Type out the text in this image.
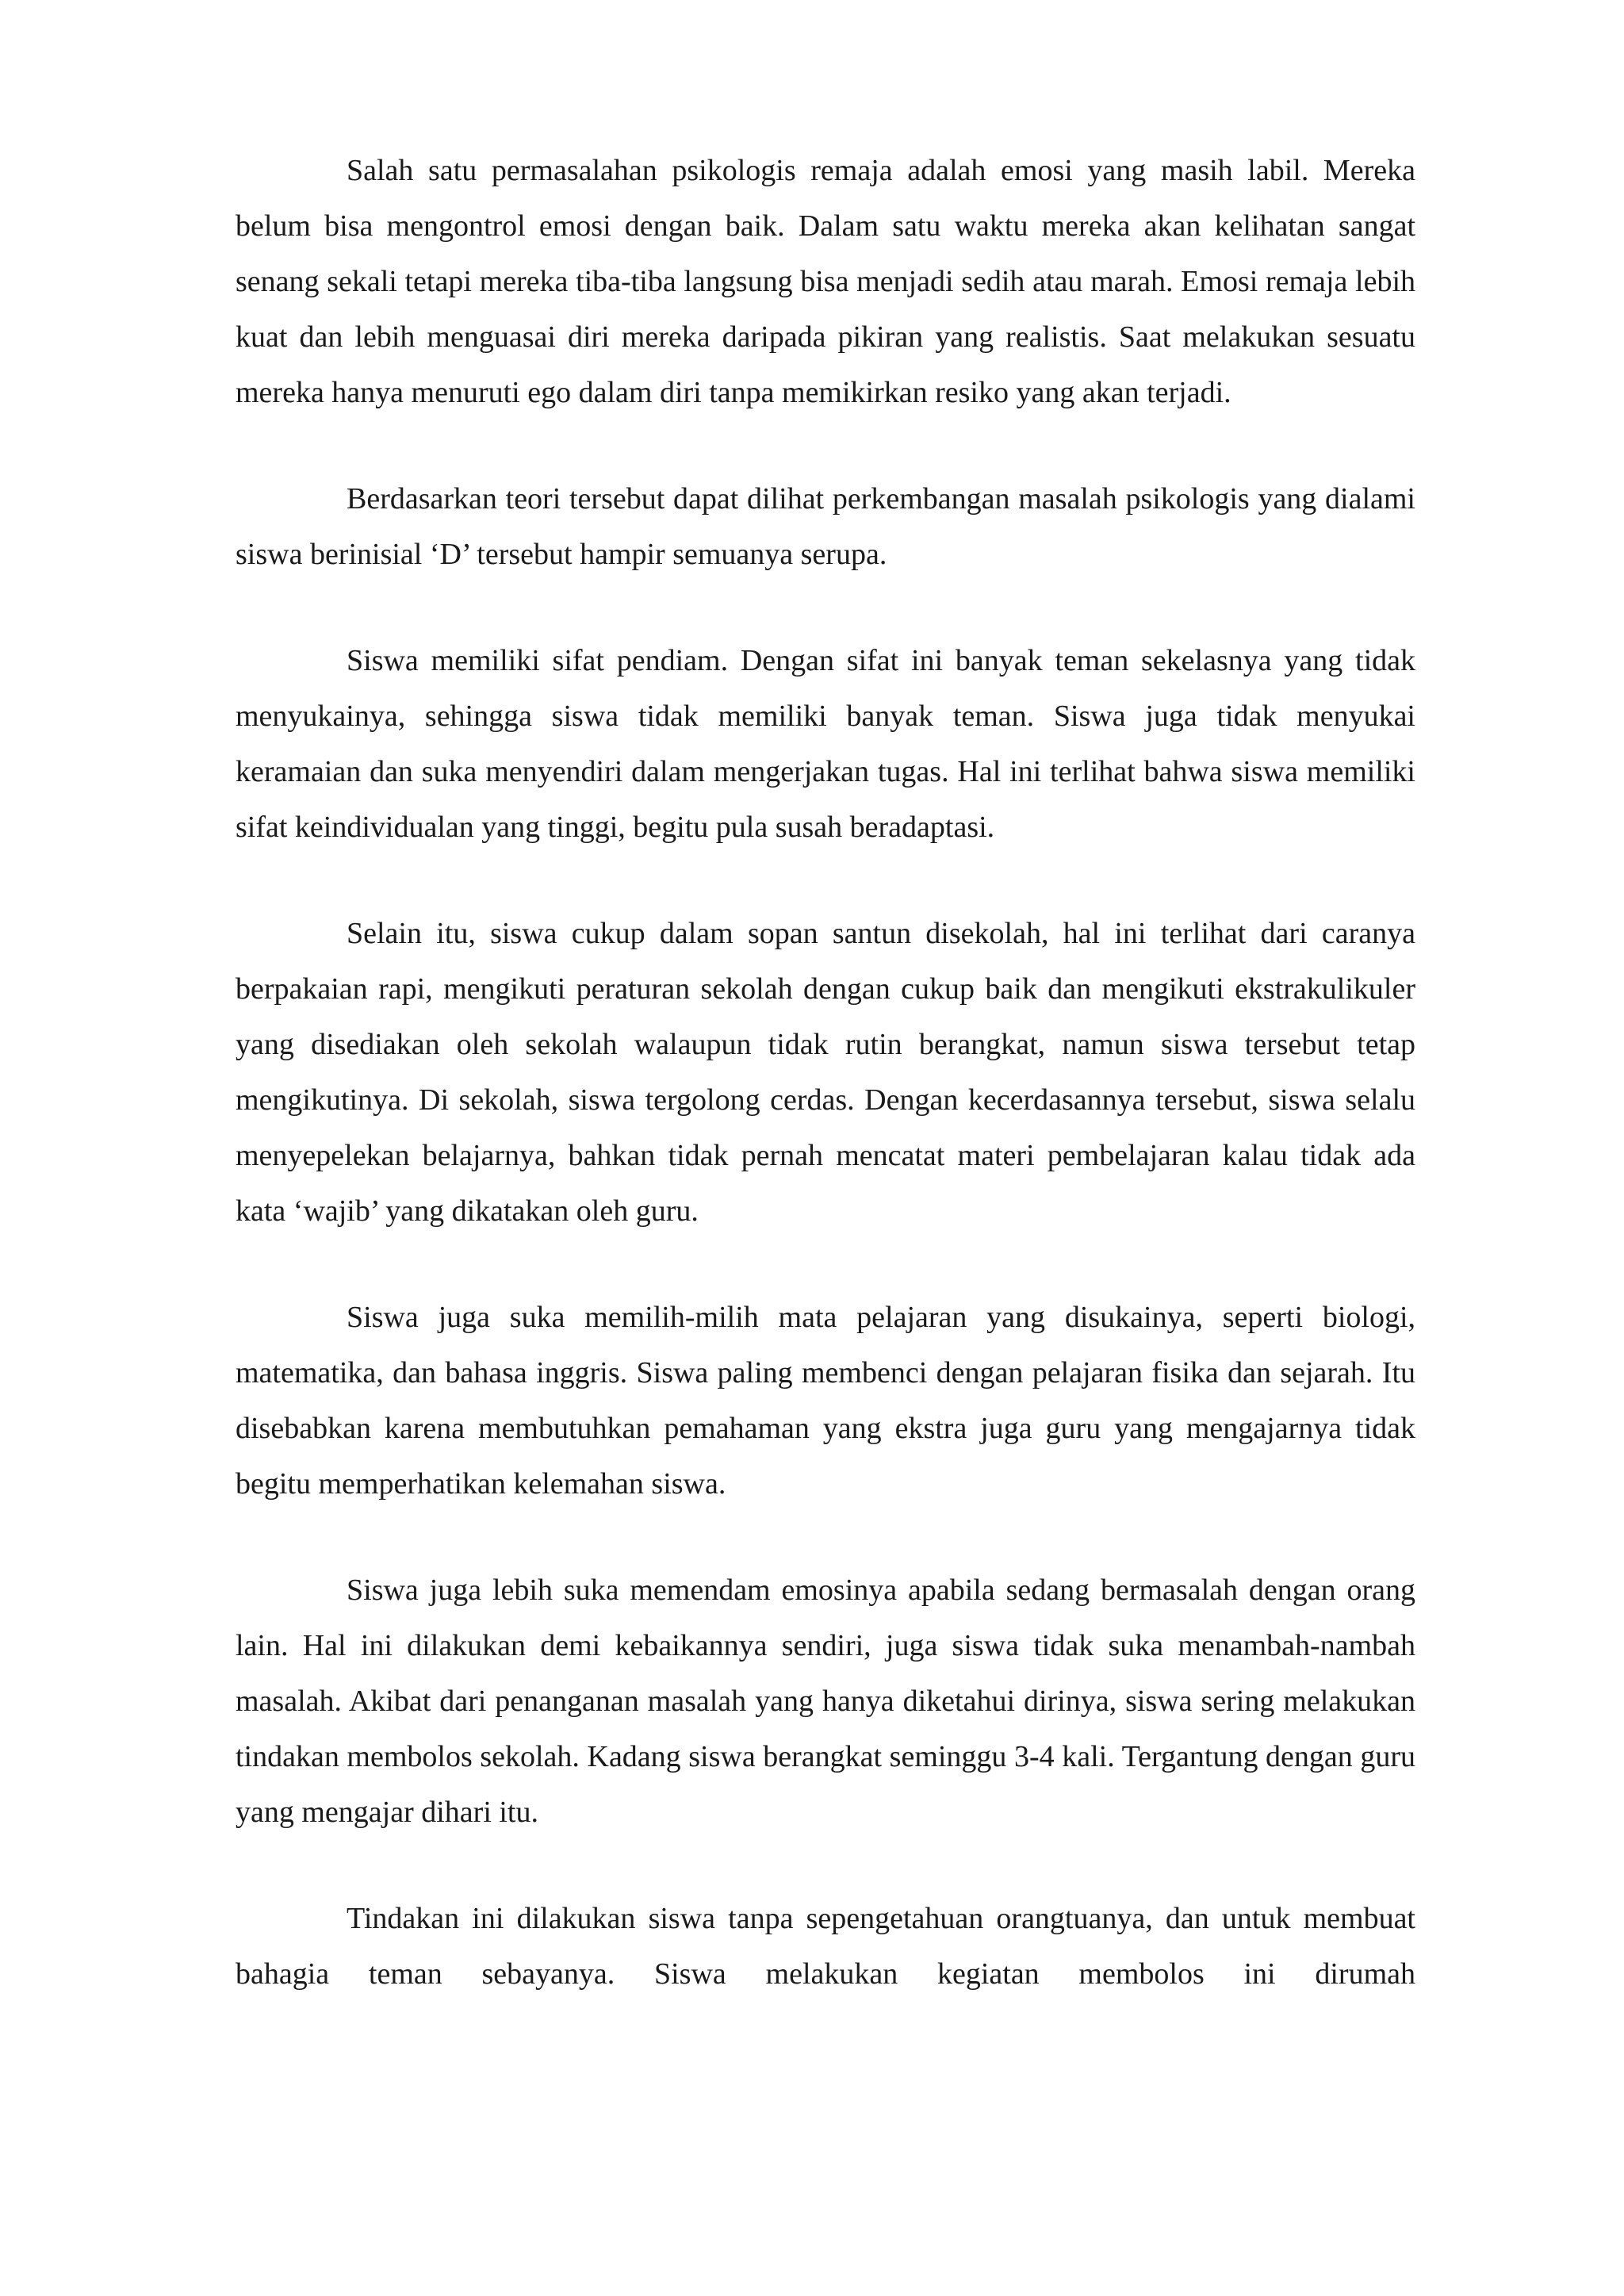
Salah satu permasalahan psikologis remaja adalah emosi yang masih labil. Mereka belum bisa mengontrol emosi dengan baik. Dalam satu waktu mereka akan kelihatan sangat senang sekali tetapi mereka tiba-tiba langsung bisa menjadi sedih atau marah. Emosi remaja lebih kuat dan lebih menguasai diri mereka daripada pikiran yang realistis. Saat melakukan sesuatu mereka hanya menuruti ego dalam diri tanpa memikirkan resiko yang akan terjadi.

Berdasarkan teori tersebut dapat dilihat perkembangan masalah psikologis yang dialami siswa berinisial ‘D’ tersebut hampir semuanya serupa.

Siswa memiliki sifat pendiam. Dengan sifat ini banyak teman sekelasnya yang tidak menyukainya, sehingga siswa tidak memiliki banyak teman. Siswa juga tidak menyukai keramaian dan suka menyendiri dalam mengerjakan tugas. Hal ini terlihat bahwa siswa memiliki sifat keindividualan yang tinggi, begitu pula susah beradaptasi.

Selain itu, siswa cukup dalam sopan santun disekolah, hal ini terlihat dari caranya berpakaian rapi, mengikuti peraturan sekolah dengan cukup baik dan mengikuti ekstrakulikuler yang disediakan oleh sekolah walaupun tidak rutin berangkat, namun siswa tersebut tetap mengikutinya. Di sekolah, siswa tergolong cerdas. Dengan kecerdasannya tersebut, siswa selalu menyepelekan belajarnya, bahkan tidak pernah mencatat materi pembelajaran kalau tidak ada kata ‘wajib’ yang dikatakan oleh guru.

Siswa juga suka memilih-milih mata pelajaran yang disukainya, seperti biologi, matematika, dan bahasa inggris. Siswa paling membenci dengan pelajaran fisika dan sejarah. Itu disebabkan karena membutuhkan pemahaman yang ekstra juga guru yang mengajarnya tidak begitu memperhatikan kelemahan siswa.

Siswa juga lebih suka memendam emosinya apabila sedang bermasalah dengan orang lain. Hal ini dilakukan demi kebaikannya sendiri, juga siswa tidak suka menambah-nambah masalah. Akibat dari penanganan masalah yang hanya diketahui dirinya, siswa sering melakukan tindakan membolos sekolah. Kadang siswa berangkat seminggu 3-4 kali. Tergantung dengan guru yang mengajar dihari itu.

Tindakan ini dilakukan siswa tanpa sepengetahuan orangtuanya, dan untuk membuat bahagia teman sebayanya. Siswa melakukan kegiatan membolos ini dirumah
